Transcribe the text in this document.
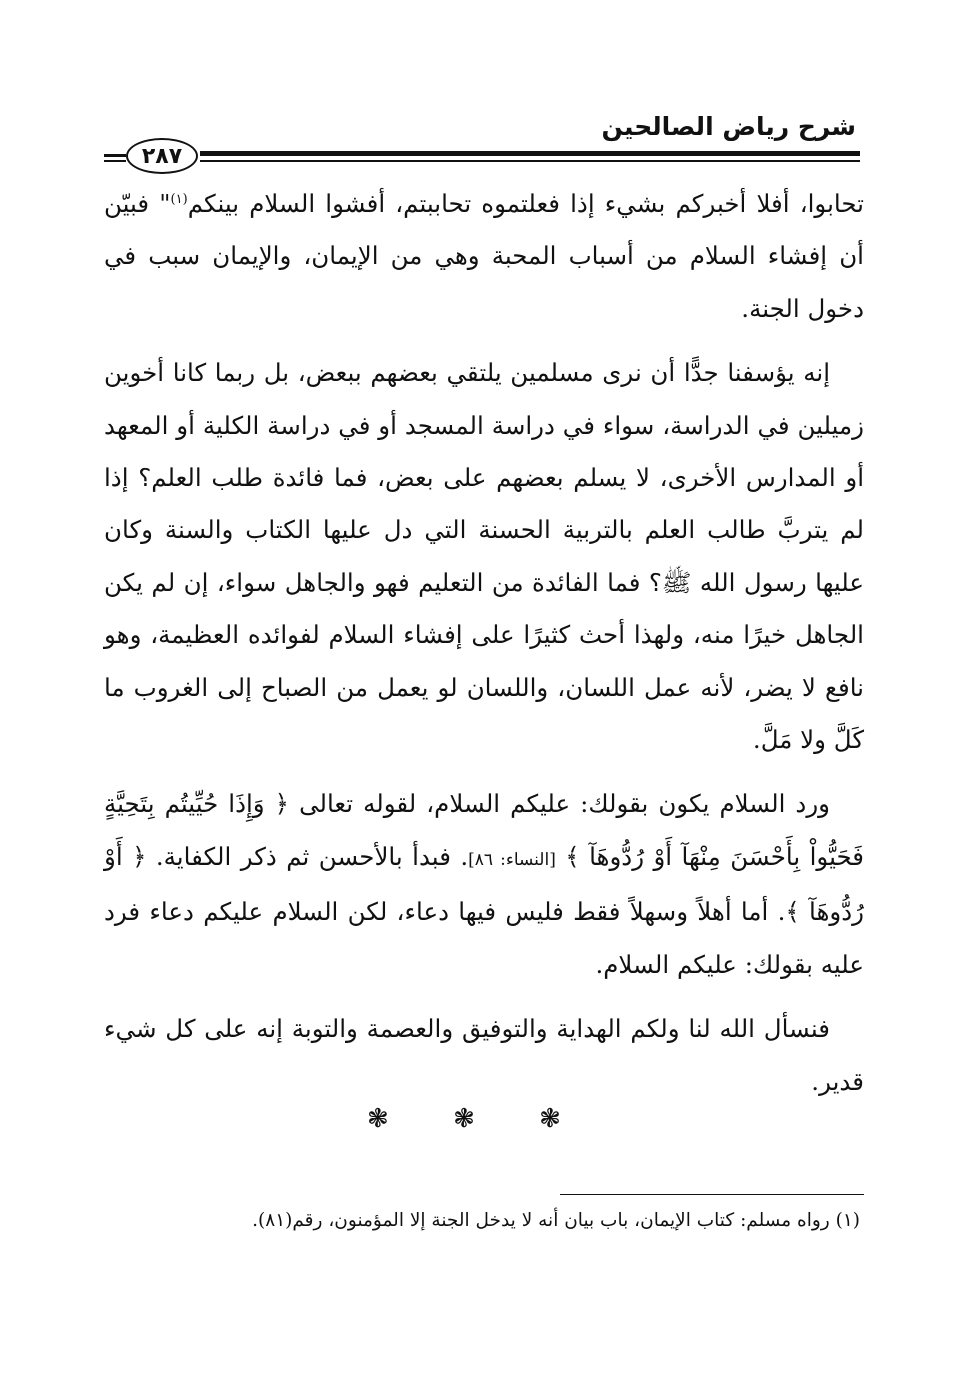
شرح رياض الصالحين
٢٨٧

تحابوا، أفلا أخبركم بشيء إذا فعلتموه تحاببتم، أفشوا السلام بينكم$^{(١)}$" فبيّن أن إفشاء السلام من أسباب المحبة وهي من الإيمان، والإيمان سبب في دخول الجنة.

إنه يؤسفنا جدًّا أن نرى مسلمين يلتقي بعضهم ببعض، بل ربما كانا أخوين زميلين في الدراسة، سواء في دراسة المسجد أو في دراسة الكلية أو المعهد أو المدارس الأخرى، لا يسلم بعضهم على بعض، فما فائدة طلب العلم؟ إذا لم يتربَّ طالب العلم بالتربية الحسنة التي دل عليها الكتاب والسنة وكان عليها رسول الله ﷺ؟ فما الفائدة من التعليم فهو والجاهل سواء، إن لم يكن الجاهل خيرًا منه، ولهذا أحث كثيرًا على إفشاء السلام لفوائده العظيمة، وهو نافع لا يضر، لأنه عمل اللسان، واللسان لو يعمل من الصباح إلى الغروب ما كَلَّ ولا مَلَّ.

ورد السلام يكون بقولك: عليكم السلام، لقوله تعالى ﴿ وَإِذَا حُيِّيتُم بِتَحِيَّةٍ فَحَيُّواْ بِأَحْسَنَ مِنْهَآ أَوْ رُدُّوهَآ ﴾ [النساء: ٨٦]. فبدأ بالأحسن ثم ذكر الكفاية. ﴿ أَوْ رُدُّوهَآ ﴾. أما أهلاً وسهلاً فقط فليس فيها دعاء، لكن السلام عليكم دعاء فرد عليه بقولك: عليكم السلام.

فنسأل الله لنا ولكم الهداية والتوفيق والعصمة والتوبة إنه على كل شيء قدير.

❃ ❃ ❃
(١) رواه مسلم: كتاب الإيمان، باب بيان أنه لا يدخل الجنة إلا المؤمنون، رقم(٨١).
